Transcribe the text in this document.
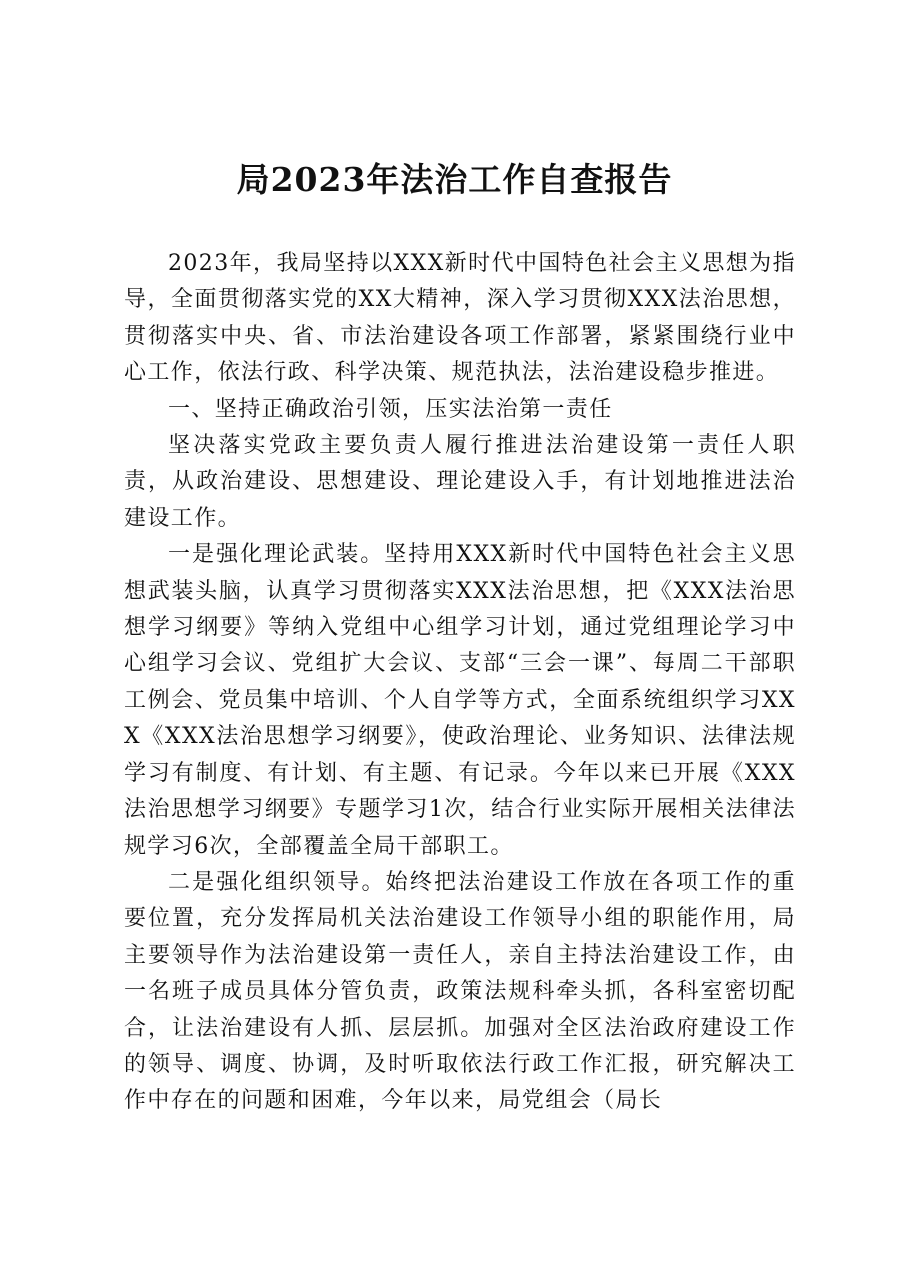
局2023年法治工作自查报告

2023年，我局坚持以XXX新时代中国特色社会主义思想为指导，全面贯彻落实党的XX大精神，深入学习贯彻XXX法治思想，贯彻落实中央、省、市法治建设各项工作部署，紧紧围绕行业中心工作，依法行政、科学决策、规范执法，法治建设稳步推进。

一、坚持正确政治引领，压实法治第一责任

坚决落实党政主要负责人履行推进法治建设第一责任人职责，从政治建设、思想建设、理论建设入手，有计划地推进法治建设工作。

一是强化理论武装。坚持用XXX新时代中国特色社会主义思想武装头脑，认真学习贯彻落实XXX法治思想，把《XXX法治思想学习纲要》等纳入党组中心组学习计划，通过党组理论学习中心组学习会议、党组扩大会议、支部“三会一课”、每周二干部职工例会、党员集中培训、个人自学等方式，全面系统组织学习XXX《XXX法治思想学习纲要》，使政治理论、业务知识、法律法规学习有制度、有计划、有主题、有记录。今年以来已开展《XXX法治思想学习纲要》专题学习1次，结合行业实际开展相关法律法规学习6次，全部覆盖全局干部职工。

二是强化组织领导。始终把法治建设工作放在各项工作的重要位置，充分发挥局机关法治建设工作领导小组的职能作用，局主要领导作为法治建设第一责任人，亲自主持法治建设工作，由一名班子成员具体分管负责，政策法规科牵头抓，各科室密切配合，让法治建设有人抓、层层抓。加强对全区法治政府建设工作的领导、调度、协调，及时听取依法行政工作汇报，研究解决工作中存在的问题和困难，今年以来，局党组会（局长
